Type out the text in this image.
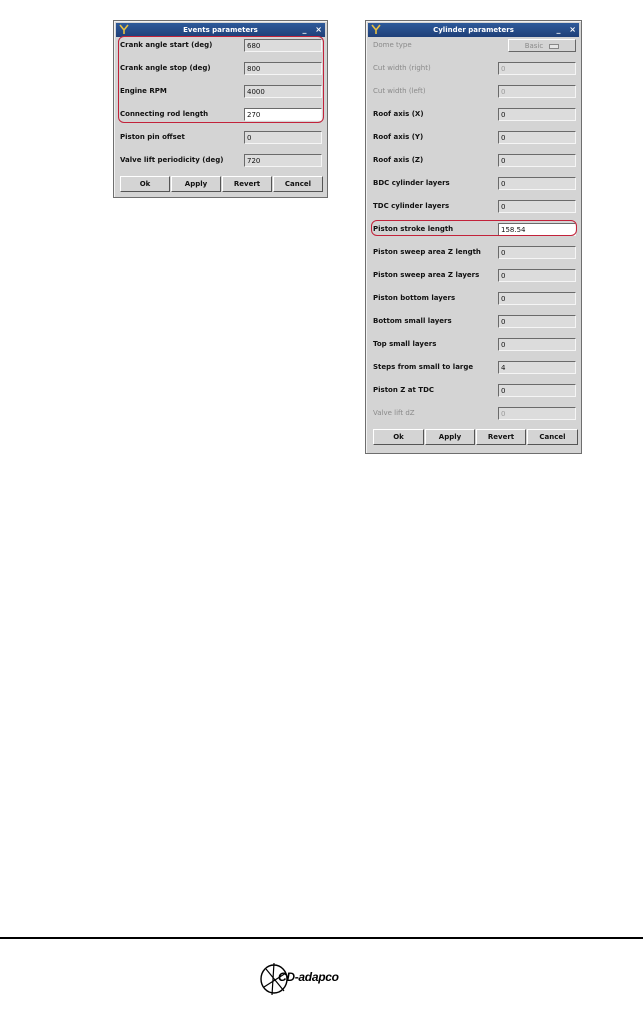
Events parameters	_ ×
Crank angle start (deg)	680
Crank angle stop (deg)	800
Engine RPM	4000
Connecting rod length	270
Piston pin offset	0
Valve lift periodicity (deg)	720
Ok	Apply	Revert	Cancel
Cylinder parameters	_ ×
Dome type	Basic
Cut width (right)	0
Cut width (left)	0
Roof axis (X)	0
Roof axis (Y)	0
Roof axis (Z)	0
BDC cylinder layers	0
TDC cylinder layers	0
Piston stroke length	158.54
Piston sweep area Z length	0
Piston sweep area Z layers	0
Piston bottom layers	0
Bottom small layers	0
Top small layers	0
Steps from small to large	4
Piston Z at TDC	0
Valve lift dZ	0
Ok	Apply	Revert	Cancel
CD-adapco
